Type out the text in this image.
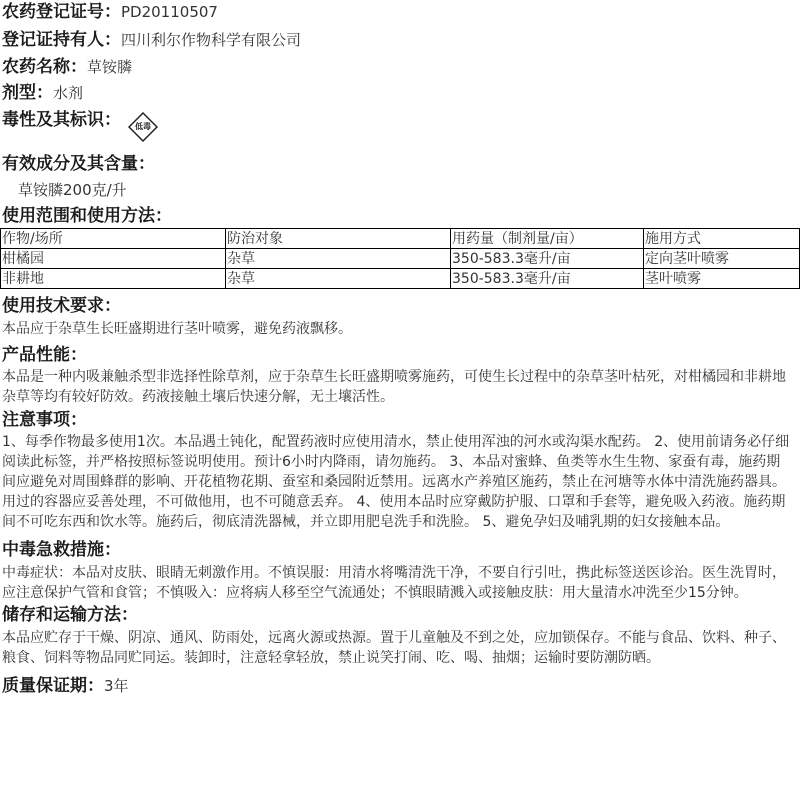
农药登记证号：PD20110507
登记证持有人：四川利尔作物科学有限公司
农药名称：草铵膦
剂型：水剂
毒性及其标识：	低毒
有效成分及其含量：
草铵膦200克/升
使用范围和使用方法：
作物/场所	防治对象	用药量（制剂量/亩）	施用方式
柑橘园	杂草	350-583.3毫升/亩	定向茎叶喷雾
非耕地	杂草	350-583.3毫升/亩	茎叶喷雾
使用技术要求：
本品应于杂草生长旺盛期进行茎叶喷雾，避免药液飘移。
产品性能：
本品是一种内吸兼触杀型非选择性除草剂，应于杂草生长旺盛期喷雾施药，可使生长过程中的杂草茎叶枯死，对柑橘园和非耕地杂草等均有较好防效。药液接触土壤后快速分解，无土壤活性。
注意事项：
1、每季作物最多使用1次。本品遇土钝化，配置药液时应使用清水，禁止使用浑浊的河水或沟渠水配药。 2、使用前请务必仔细阅读此标签，并严格按照标签说明使用。预计6小时内降雨，请勿施药。 3、本品对蜜蜂、鱼类等水生生物、家蚕有毒，施药期间应避免对周围蜂群的影响、开花植物花期、蚕室和桑园附近禁用。远离水产养殖区施药，禁止在河塘等水体中清洗施药器具。用过的容器应妥善处理，不可做他用，也不可随意丢弃。 4、使用本品时应穿戴防护服、口罩和手套等，避免吸入药液。施药期间不可吃东西和饮水等。施药后，彻底清洗器械，并立即用肥皂洗手和洗脸。 5、避免孕妇及哺乳期的妇女接触本品。
中毒急救措施：
中毒症状：本品对皮肤、眼睛无刺激作用。不慎误服：用清水将嘴清洗干净，不要自行引吐，携此标签送医诊治。医生洗胃时，应注意保护气管和食管；不慎吸入：应将病人移至空气流通处；不慎眼睛溅入或接触皮肤：用大量清水冲洗至少15分钟。
储存和运输方法：
本品应贮存于干燥、阴凉、通风、防雨处，远离火源或热源。置于儿童触及不到之处，应加锁保存。不能与食品、饮料、种子、粮食、饲料等物品同贮同运。装卸时，注意轻拿轻放，禁止说笑打闹、吃、喝、抽烟；运输时要防潮防晒。
质量保证期：3年
